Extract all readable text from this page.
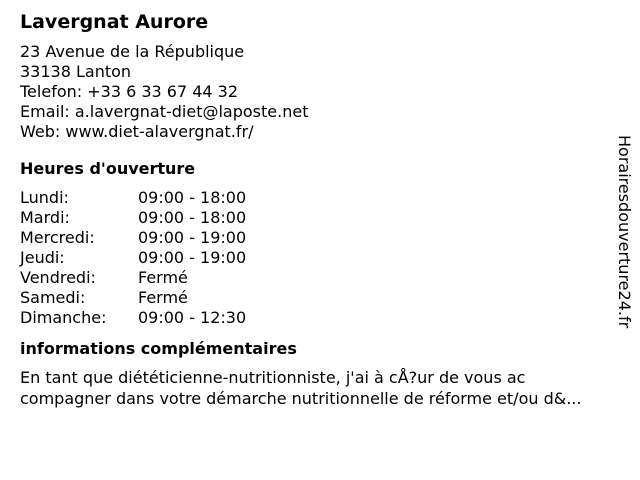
Lavergnat Aurore
23 Avenue de la République
33138 Lanton
Telefon: +33 6 33 67 44 32
Email: a.lavergnat-diet@laposte.net
Web: www.diet-alavergnat.fr/
Heures d'ouverture
Lundi:	09:00 - 18:00
Mardi:	09:00 - 18:00
Mercredi:	09:00 - 19:00
Jeudi:	09:00 - 19:00
Vendredi:	Fermé
Samedi:	Fermé
Dimanche:	09:00 - 12:30
informations complémentaires
En tant que diététicienne-nutritionniste, j'ai à cÅ?ur de vous ac
compagner dans votre démarche nutritionnelle de réforme et/ou d&...
Horairesdouverture24.fr
